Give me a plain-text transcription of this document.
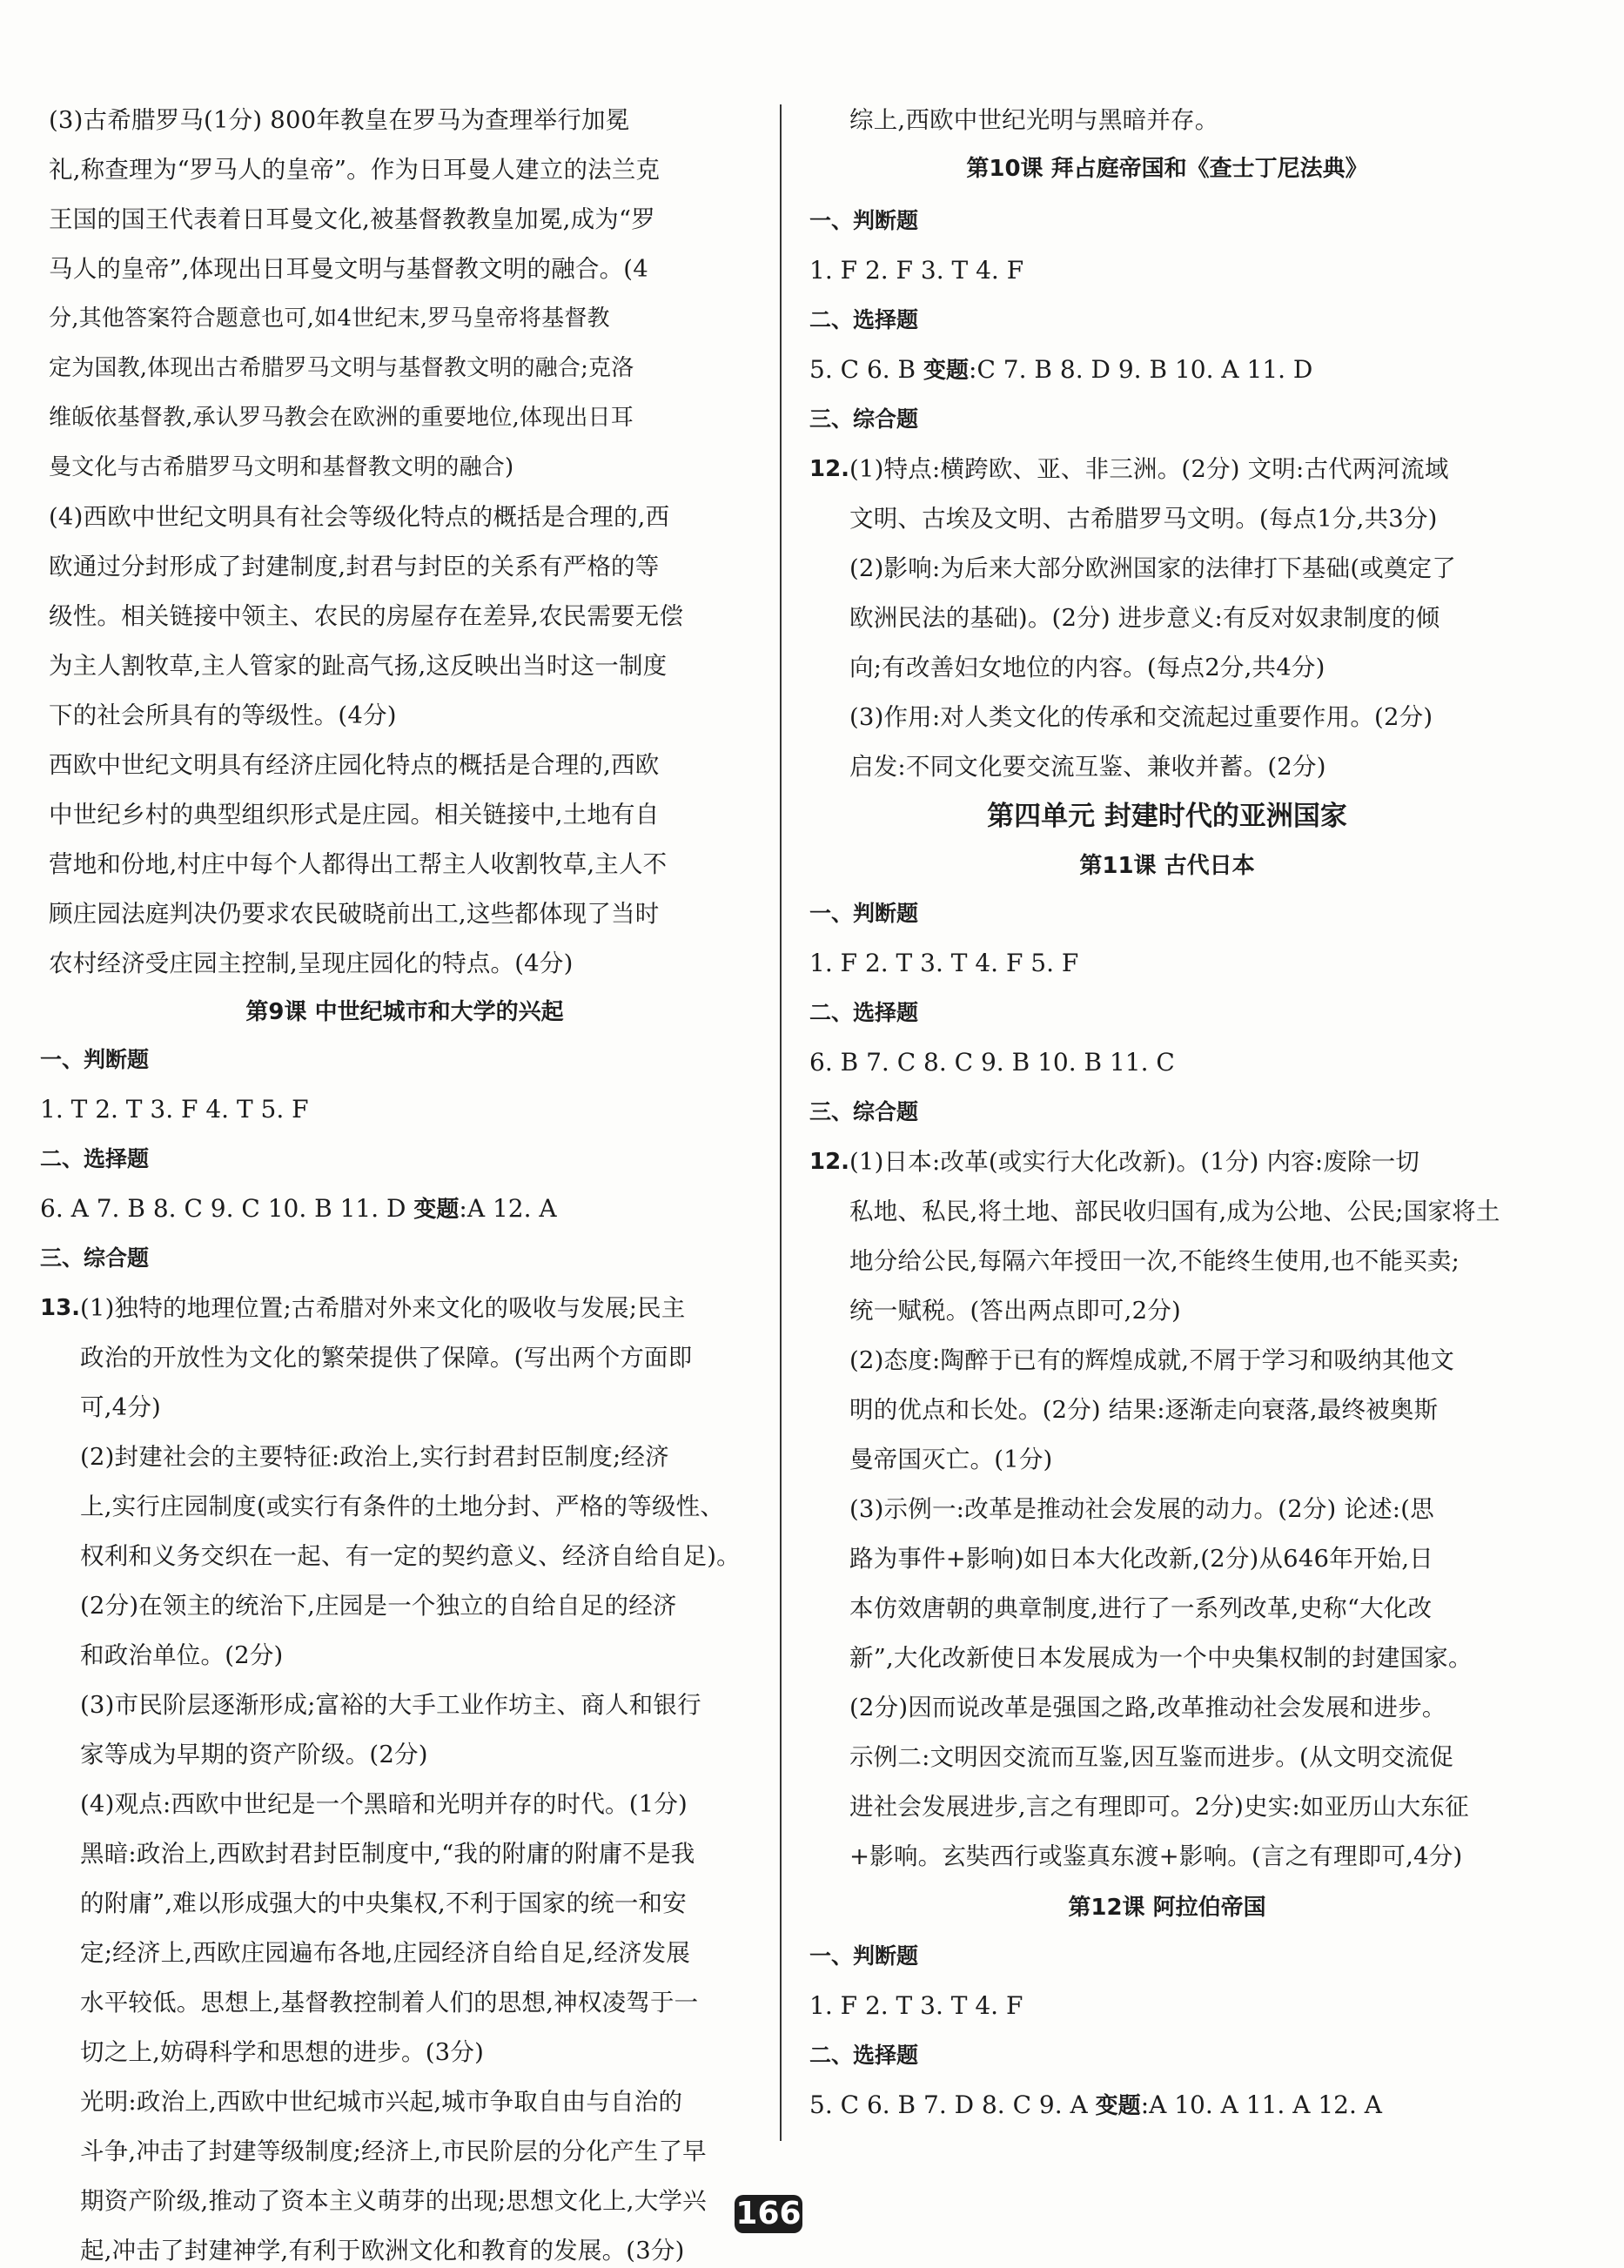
(3)古希腊罗马(1分) 800年教皇在罗马为查理举行加冕
礼,称查理为“罗马人的皇帝”。作为日耳曼人建立的法兰克
王国的国王代表着日耳曼文化,被基督教教皇加冕,成为“罗
马人的皇帝”,体现出日耳曼文明与基督教文明的融合。(4
分,其他答案符合题意也可,如4世纪末,罗马皇帝将基督教
定为国教,体现出古希腊罗马文明与基督教文明的融合;克洛
维皈依基督教,承认罗马教会在欧洲的重要地位,体现出日耳
曼文化与古希腊罗马文明和基督教文明的融合)
(4)西欧中世纪文明具有社会等级化特点的概括是合理的,西
欧通过分封形成了封建制度,封君与封臣的关系有严格的等
级性。相关链接中领主、农民的房屋存在差异,农民需要无偿
为主人割牧草,主人管家的趾高气扬,这反映出当时这一制度
下的社会所具有的等级性。(4分)
西欧中世纪文明具有经济庄园化特点的概括是合理的,西欧
中世纪乡村的典型组织形式是庄园。相关链接中,土地有自
营地和份地,村庄中每个人都得出工帮主人收割牧草,主人不
顾庄园法庭判决仍要求农民破晓前出工,这些都体现了当时
农村经济受庄园主控制,呈现庄园化的特点。(4分)
第9课 中世纪城市和大学的兴起
一、判断题
1. T 2. T 3. F 4. T 5. F
二、选择题
6. A 7. B 8. C 9. C 10. B 11. D 变题:A 12. A
三、综合题
13. (1)独特的地理位置;古希腊对外来文化的吸收与发展;民主
政治的开放性为文化的繁荣提供了保障。(写出两个方面即
可,4分)
(2)封建社会的主要特征:政治上,实行封君封臣制度;经济
上,实行庄园制度(或实行有条件的土地分封、严格的等级性、
权利和义务交织在一起、有一定的契约意义、经济自给自足)。
(2分)在领主的统治下,庄园是一个独立的自给自足的经济
和政治单位。(2分)
(3)市民阶层逐渐形成;富裕的大手工业作坊主、商人和银行
家等成为早期的资产阶级。(2分)
(4)观点:西欧中世纪是一个黑暗和光明并存的时代。(1分)
黑暗:政治上,西欧封君封臣制度中,“我的附庸的附庸不是我
的附庸”,难以形成强大的中央集权,不利于国家的统一和安
定;经济上,西欧庄园遍布各地,庄园经济自给自足,经济发展
水平较低。思想上,基督教控制着人们的思想,神权凌驾于一
切之上,妨碍科学和思想的进步。(3分)
光明:政治上,西欧中世纪城市兴起,城市争取自由与自治的
斗争,冲击了封建等级制度;经济上,市民阶层的分化产生了早
期资产阶级,推动了资本主义萌芽的出现;思想文化上,大学兴
起,冲击了封建神学,有利于欧洲文化和教育的发展。(3分)
综上,西欧中世纪光明与黑暗并存。
第10课 拜占庭帝国和《查士丁尼法典》
一、判断题
1. F 2. F 3. T 4. F
二、选择题
5. C 6. B 变题:C 7. B 8. D 9. B 10. A 11. D
三、综合题
12. (1)特点:横跨欧、亚、非三洲。(2分) 文明:古代两河流域
文明、古埃及文明、古希腊罗马文明。(每点1分,共3分)
(2)影响:为后来大部分欧洲国家的法律打下基础(或奠定了
欧洲民法的基础)。(2分) 进步意义:有反对奴隶制度的倾
向;有改善妇女地位的内容。(每点2分,共4分)
(3)作用:对人类文化的传承和交流起过重要作用。(2分)
启发:不同文化要交流互鉴、兼收并蓄。(2分)
第四单元 封建时代的亚洲国家
第11课 古代日本
一、判断题
1. F 2. T 3. T 4. F 5. F
二、选择题
6. B 7. C 8. C 9. B 10. B 11. C
三、综合题
12. (1)日本:改革(或实行大化改新)。(1分) 内容:废除一切
私地、私民,将土地、部民收归国有,成为公地、公民;国家将土
地分给公民,每隔六年授田一次,不能终生使用,也不能买卖;
统一赋税。(答出两点即可,2分)
(2)态度:陶醉于已有的辉煌成就,不屑于学习和吸纳其他文
明的优点和长处。(2分) 结果:逐渐走向衰落,最终被奥斯
曼帝国灭亡。(1分)
(3)示例一:改革是推动社会发展的动力。(2分) 论述:(思
路为事件+影响)如日本大化改新,(2分)从646年开始,日
本仿效唐朝的典章制度,进行了一系列改革,史称“大化改
新”,大化改新使日本发展成为一个中央集权制的封建国家。
(2分)因而说改革是强国之路,改革推动社会发展和进步。
示例二:文明因交流而互鉴,因互鉴而进步。(从文明交流促
进社会发展进步,言之有理即可。2分)史实:如亚历山大东征
+影响。玄奘西行或鉴真东渡+影响。(言之有理即可,4分)
第12课 阿拉伯帝国
一、判断题
1. F 2. T 3. T 4. F
二、选择题
5. C 6. B 7. D 8. C 9. A 变题:A 10. A 11. A 12. A
166
